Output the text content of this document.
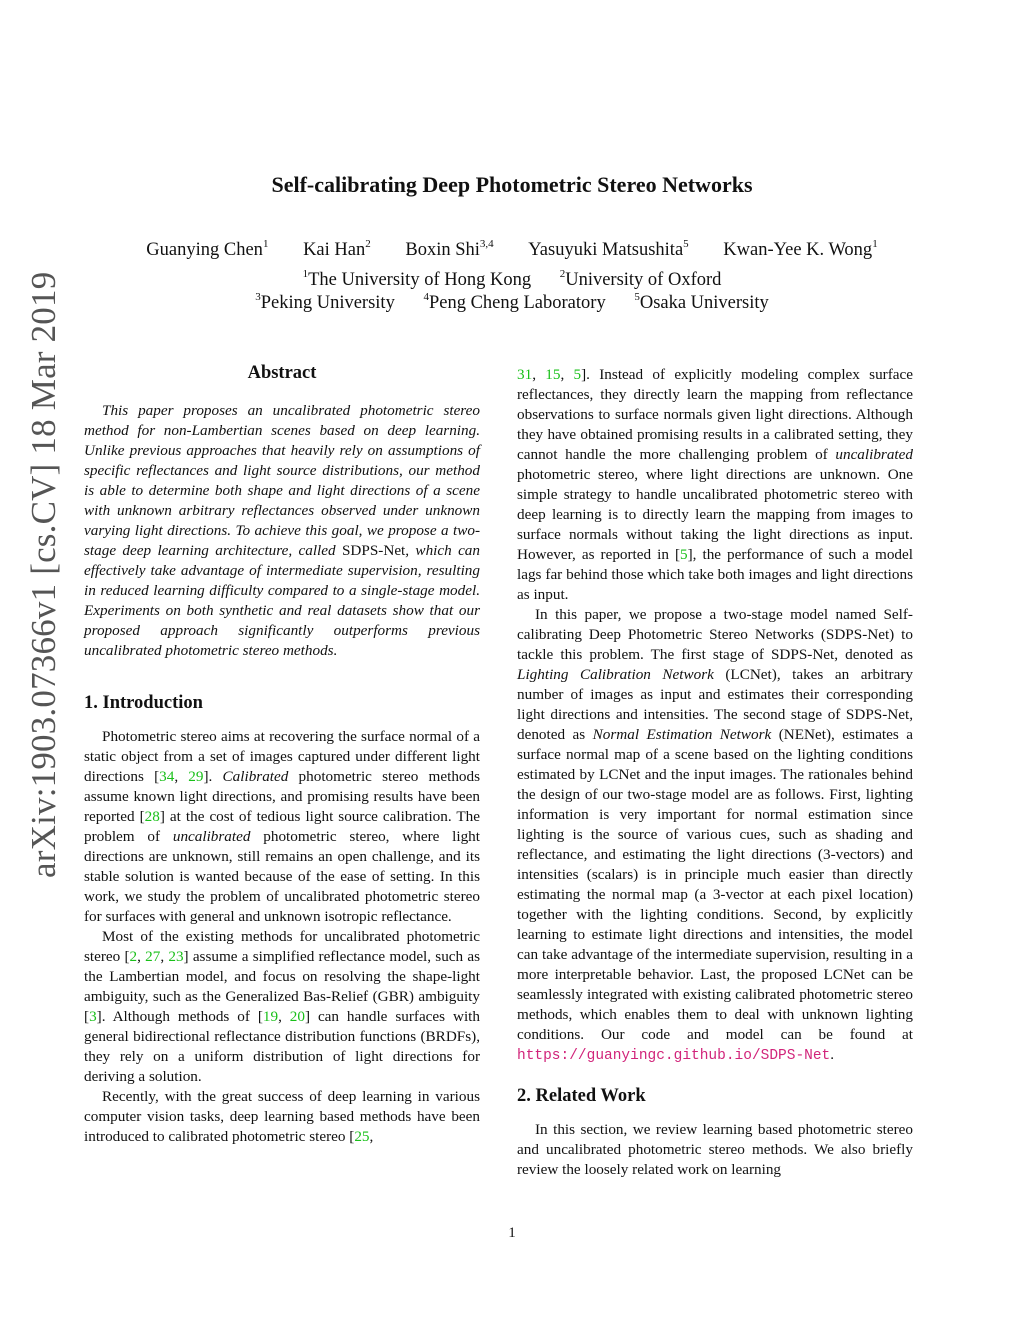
arXiv:1903.07366v1 [cs.CV] 18 Mar 2019
Self-calibrating Deep Photometric Stereo Networks
Guanying Chen$^1$ Kai Han$^2$ Boxin Shi$^{3,4}$ Yasuyuki Matsushita$^5$ Kwan-Yee K. Wong$^1$
$^1$The University of Hong Kong	$^2$University of Oxford
$^3$Peking University	$^4$Peng Cheng Laboratory	$^5$Osaka University
Abstract

This paper proposes an uncalibrated photometric stereo method for non-Lambertian scenes based on deep learning. Unlike previous approaches that heavily rely on assumptions of specific reflectances and light source distributions, our method is able to determine both shape and light directions of a scene with unknown arbitrary reflectances observed under unknown varying light directions. To achieve this goal, we propose a two-stage deep learning architecture, called SDPS-Net, which can effectively take advantage of intermediate supervision, resulting in reduced learning difficulty compared to a single-stage model. Experiments on both synthetic and real datasets show that our proposed approach significantly outperforms previous uncalibrated photometric stereo methods.

1. Introduction

Photometric stereo aims at recovering the surface normal of a static object from a set of images captured under different light directions [34, 29]. Calibrated photometric stereo methods assume known light directions, and promising results have been reported [28] at the cost of tedious light source calibration. The problem of uncalibrated photometric stereo, where light directions are unknown, still remains an open challenge, and its stable solution is wanted because of the ease of setting. In this work, we study the problem of uncalibrated photometric stereo for surfaces with general and unknown isotropic reflectance.

Most of the existing methods for uncalibrated photometric stereo [2, 27, 23] assume a simplified reflectance model, such as the Lambertian model, and focus on resolving the shape-light ambiguity, such as the Generalized Bas-Relief (GBR) ambiguity [3]. Although methods of [19, 20] can handle surfaces with general bidirectional reflectance distribution functions (BRDFs), they rely on a uniform distribution of light directions for deriving a solution.

Recently, with the great success of deep learning in various computer vision tasks, deep learning based methods have been introduced to calibrated photometric stereo [25,

31, 15, 5]. Instead of explicitly modeling complex surface reflectances, they directly learn the mapping from reflectance observations to surface normals given light directions. Although they have obtained promising results in a calibrated setting, they cannot handle the more challenging problem of uncalibrated photometric stereo, where light directions are unknown. One simple strategy to handle uncalibrated photometric stereo with deep learning is to directly learn the mapping from images to surface normals without taking the light directions as input. However, as reported in [5], the performance of such a model lags far behind those which take both images and light directions as input.

In this paper, we propose a two-stage model named Self-calibrating Deep Photometric Stereo Networks (SDPS-Net) to tackle this problem. The first stage of SDPS-Net, denoted as Lighting Calibration Network (LCNet), takes an arbitrary number of images as input and estimates their corresponding light directions and intensities. The second stage of SDPS-Net, denoted as Normal Estimation Network (NENet), estimates a surface normal map of a scene based on the lighting conditions estimated by LCNet and the input images. The rationales behind the design of our two-stage model are as follows. First, lighting information is very important for normal estimation since lighting is the source of various cues, such as shading and reflectance, and estimating the light directions (3-vectors) and intensities (scalars) is in principle much easier than directly estimating the normal map (a 3-vector at each pixel location) together with the lighting conditions. Second, by explicitly learning to estimate light directions and intensities, the model can take advantage of the intermediate supervision, resulting in a more interpretable behavior. Last, the proposed LCNet can be seamlessly integrated with existing calibrated photometric stereo methods, which enables them to deal with unknown lighting conditions. Our code and model can be found at https://guanyingc.github.io/SDPS-Net.

2. Related Work

In this section, we review learning based photometric stereo and uncalibrated photometric stereo methods. We also briefly review the loosely related work on learning

1
